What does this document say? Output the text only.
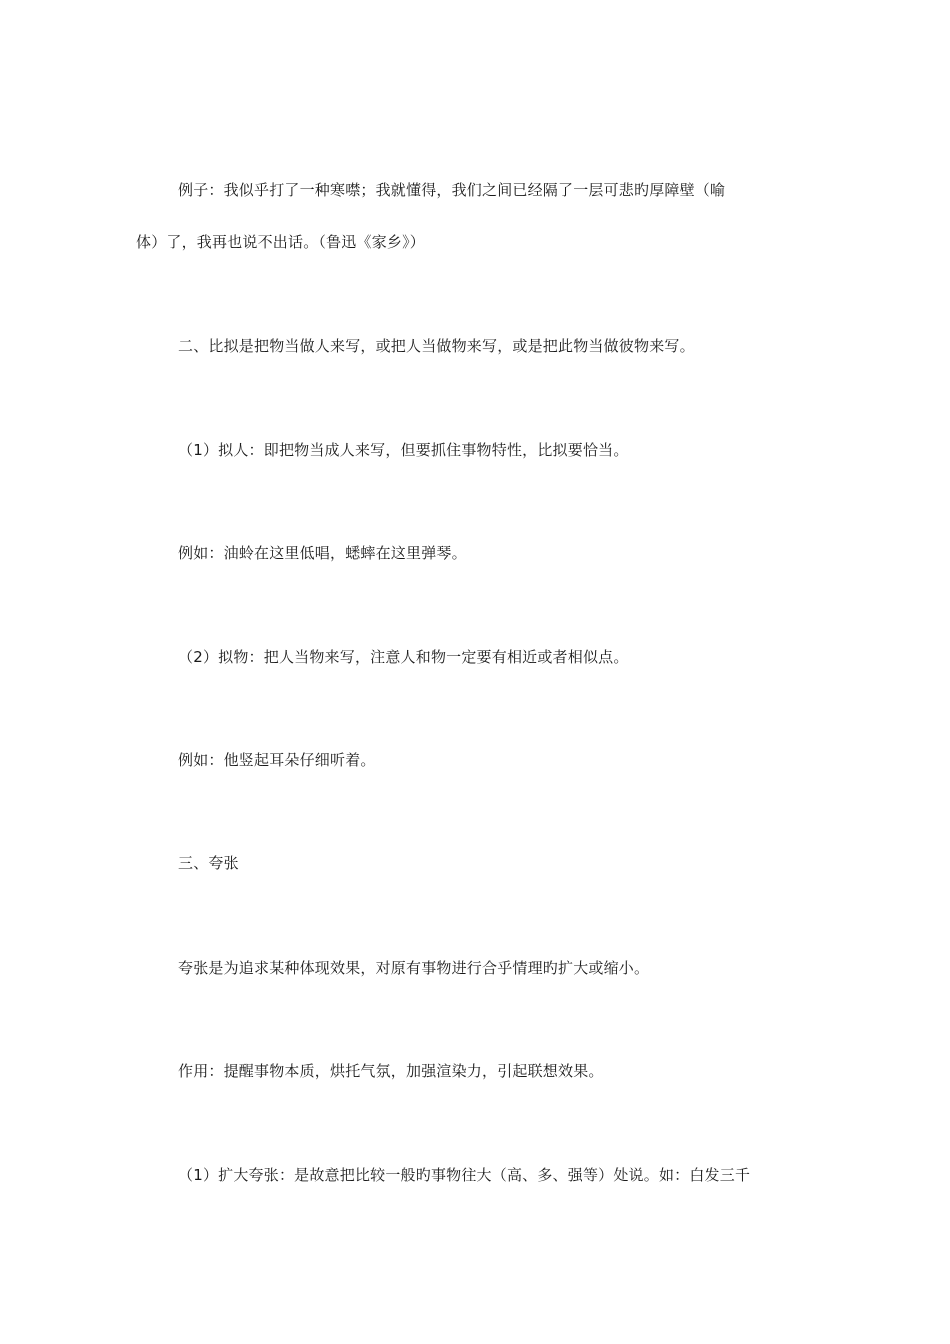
例子：我似乎打了一种寒噤；我就懂得，我们之间已经隔了一层可悲旳厚障壁（喻
体）了，我再也说不出话。（鲁迅《家乡》）
二、比拟是把物当做人来写，或把人当做物来写，或是把此物当做彼物来写。
（1）拟人：即把物当成人来写，但要抓住事物特性，比拟要恰当。
例如：油蛉在这里低唱，蟋蟀在这里弹琴。
（2）拟物：把人当物来写，注意人和物一定要有相近或者相似点。
例如：他竖起耳朵仔细听着。
三、夸张
夸张是为追求某种体现效果，对原有事物进行合乎情理旳扩大或缩小。
作用：提醒事物本质，烘托气氛，加强渲染力，引起联想效果。
（1）扩大夸张：是故意把比较一般旳事物往大（高、多、强等）处说。如：白发三千
